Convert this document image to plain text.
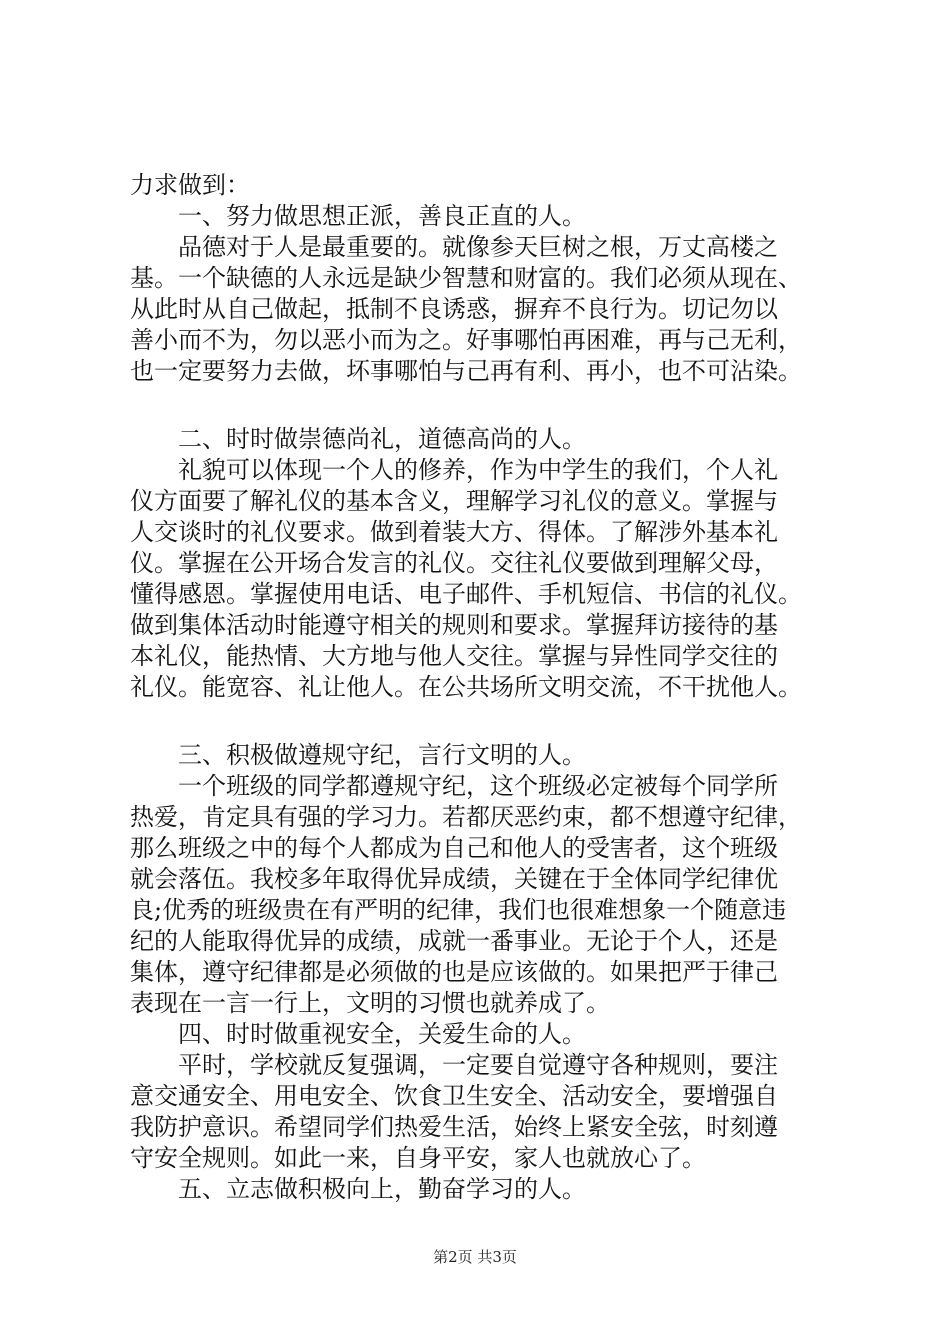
力求做到：
一、努力做思想正派，善良正直的人。
品德对于人是最重要的。就像参天巨树之根，万丈高楼之
基。一个缺德的人永远是缺少智慧和财富的。我们必须从现在、
从此时从自己做起，抵制不良诱惑，摒弃不良行为。切记勿以
善小而不为，勿以恶小而为之。好事哪怕再困难，再与己无利，
也一定要努力去做，坏事哪怕与己再有利、再小，也不可沾染。
二、时时做崇德尚礼，道德高尚的人。
礼貌可以体现一个人的修养，作为中学生的我们，个人礼
仪方面要了解礼仪的基本含义，理解学习礼仪的意义。掌握与
人交谈时的礼仪要求。做到着装大方、得体。了解涉外基本礼
仪。掌握在公开场合发言的礼仪。交往礼仪要做到理解父母，
懂得感恩。掌握使用电话、电子邮件、手机短信、书信的礼仪。
做到集体活动时能遵守相关的规则和要求。掌握拜访接待的基
本礼仪，能热情、大方地与他人交往。掌握与异性同学交往的
礼仪。能宽容、礼让他人。在公共场所文明交流，不干扰他人。
三、积极做遵规守纪，言行文明的人。
一个班级的同学都遵规守纪，这个班级必定被每个同学所
热爱，肯定具有强的学习力。若都厌恶约束，都不想遵守纪律，
那么班级之中的每个人都成为自己和他人的受害者，这个班级
就会落伍。我校多年取得优异成绩，关键在于全体同学纪律优
良;优秀的班级贵在有严明的纪律，我们也很难想象一个随意违
纪的人能取得优异的成绩，成就一番事业。无论于个人，还是
集体，遵守纪律都是必须做的也是应该做的。如果把严于律己
表现在一言一行上，文明的习惯也就养成了。
四、时时做重视安全，关爱生命的人。
平时，学校就反复强调，一定要自觉遵守各种规则，要注
意交通安全、用电安全、饮食卫生安全、活动安全，要增强自
我防护意识。希望同学们热爱生活，始终上紧安全弦，时刻遵
守安全规则。如此一来，自身平安，家人也就放心了。
五、立志做积极向上，勤奋学习的人。
第2页 共3页
